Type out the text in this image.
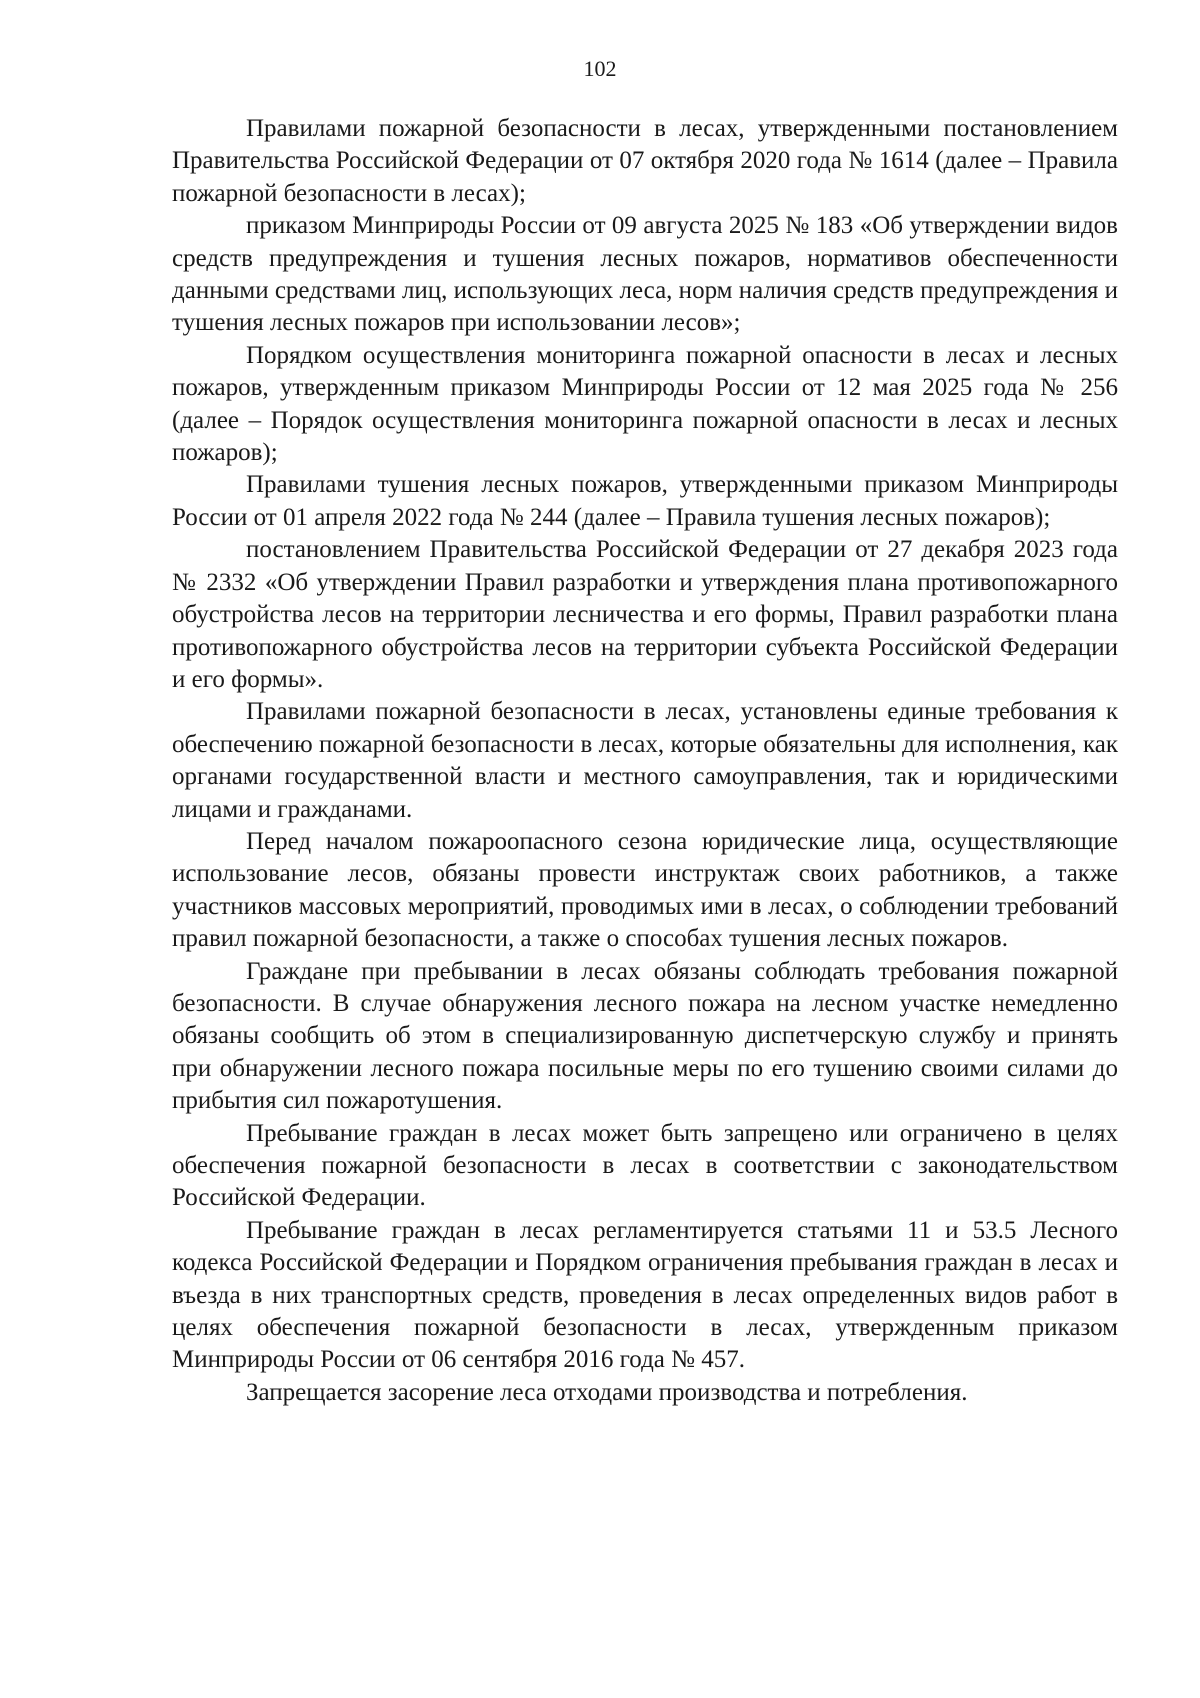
102

Правилами пожарной безопасности в лесах, утвержденными постановлением Правительства Российской Федерации от 07 октября 2020 года № 1614 (далее – Правила пожарной безопасности в лесах);

приказом Минприроды России от 09 августа 2025 № 183 «Об утверждении видов средств предупреждения и тушения лесных пожаров, нормативов обеспеченности данными средствами лиц, использующих леса, норм наличия средств предупреждения и тушения лесных пожаров при использовании лесов»;

Порядком осуществления мониторинга пожарной опасности в лесах и лесных пожаров, утвержденным приказом Минприроды России от 12 мая 2025 года № 256 (далее – Порядок осуществления мониторинга пожарной опасности в лесах и лесных пожаров);

Правилами тушения лесных пожаров, утвержденными приказом Минприроды России от 01 апреля 2022 года № 244 (далее – Правила тушения лесных пожаров);

постановлением Правительства Российской Федерации от 27 декабря 2023 года № 2332 «Об утверждении Правил разработки и утверждения плана противопожарного обустройства лесов на территории лесничества и его формы, Правил разработки плана противопожарного обустройства лесов на территории субъекта Российской Федерации и его формы».

Правилами пожарной безопасности в лесах, установлены единые требования к обеспечению пожарной безопасности в лесах, которые обязательны для исполнения, как органами государственной власти и местного самоуправления, так и юридическими лицами и гражданами.

Перед началом пожароопасного сезона юридические лица, осуществляющие использование лесов, обязаны провести инструктаж своих работников, а также участников массовых мероприятий, проводимых ими в лесах, о соблюдении требований правил пожарной безопасности, а также о способах тушения лесных пожаров.

Граждане при пребывании в лесах обязаны соблюдать требования пожарной безопасности. В случае обнаружения лесного пожара на лесном участке немедленно обязаны сообщить об этом в специализированную диспетчерскую службу и принять при обнаружении лесного пожара посильные меры по его тушению своими силами до прибытия сил пожаротушения.

Пребывание граждан в лесах может быть запрещено или ограничено в целях обеспечения пожарной безопасности в лесах в соответствии с законодательством Российской Федерации.

Пребывание граждан в лесах регламентируется статьями 11 и 53.5 Лесного кодекса Российской Федерации и Порядком ограничения пребывания граждан в лесах и въезда в них транспортных средств, проведения в лесах определенных видов работ в целях обеспечения пожарной безопасности в лесах, утвержденным приказом Минприроды России от 06 сентября 2016 года № 457.

Запрещается засорение леса отходами производства и потребления.
